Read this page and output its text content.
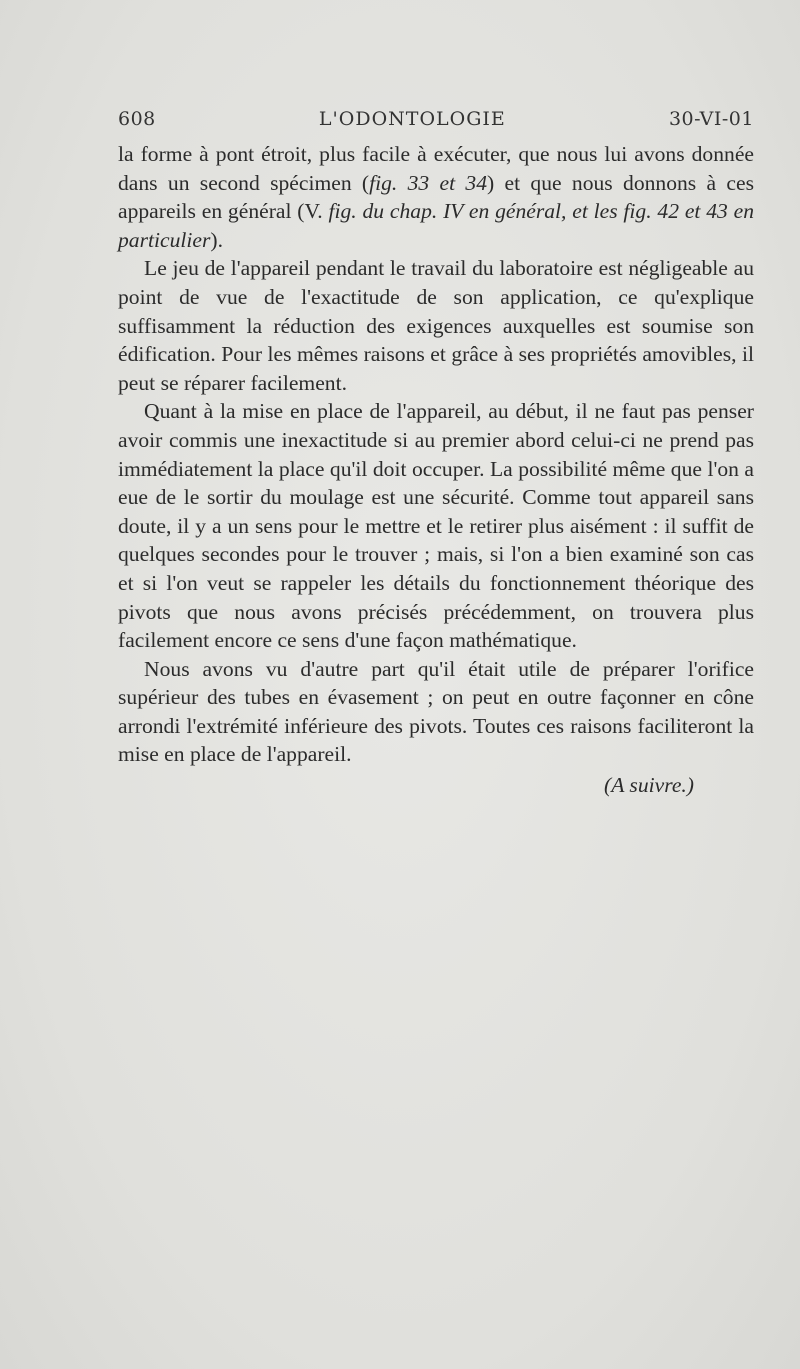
608	L'ODONTOLOGIE	30-VI-01

la forme à pont étroit, plus facile à exécuter, que nous lui avons donnée dans un second spécimen (fig. 33 et 34) et que nous donnons à ces appareils en général (V. fig. du chap. IV en général, et les fig. 42 et 43 en particulier).

Le jeu de l'appareil pendant le travail du laboratoire est négligeable au point de vue de l'exactitude de son application, ce qu'explique suffisamment la réduction des exigences auxquelles est soumise son édification. Pour les mêmes raisons et grâce à ses propriétés amovibles, il peut se réparer facilement.

Quant à la mise en place de l'appareil, au début, il ne faut pas penser avoir commis une inexactitude si au premier abord celui-ci ne prend pas immédiatement la place qu'il doit occuper. La possibilité même que l'on a eue de le sortir du moulage est une sécurité. Comme tout appareil sans doute, il y a un sens pour le mettre et le retirer plus aisément : il suffit de quelques secondes pour le trouver ; mais, si l'on a bien examiné son cas et si l'on veut se rappeler les détails du fonctionnement théorique des pivots que nous avons précisés précédemment, on trouvera plus facilement encore ce sens d'une façon mathématique.

Nous avons vu d'autre part qu'il était utile de préparer l'orifice supérieur des tubes en évasement ; on peut en outre façonner en cône arrondi l'extrémité inférieure des pivots. Toutes ces raisons faciliteront la mise en place de l'appareil.

(A suivre.)
